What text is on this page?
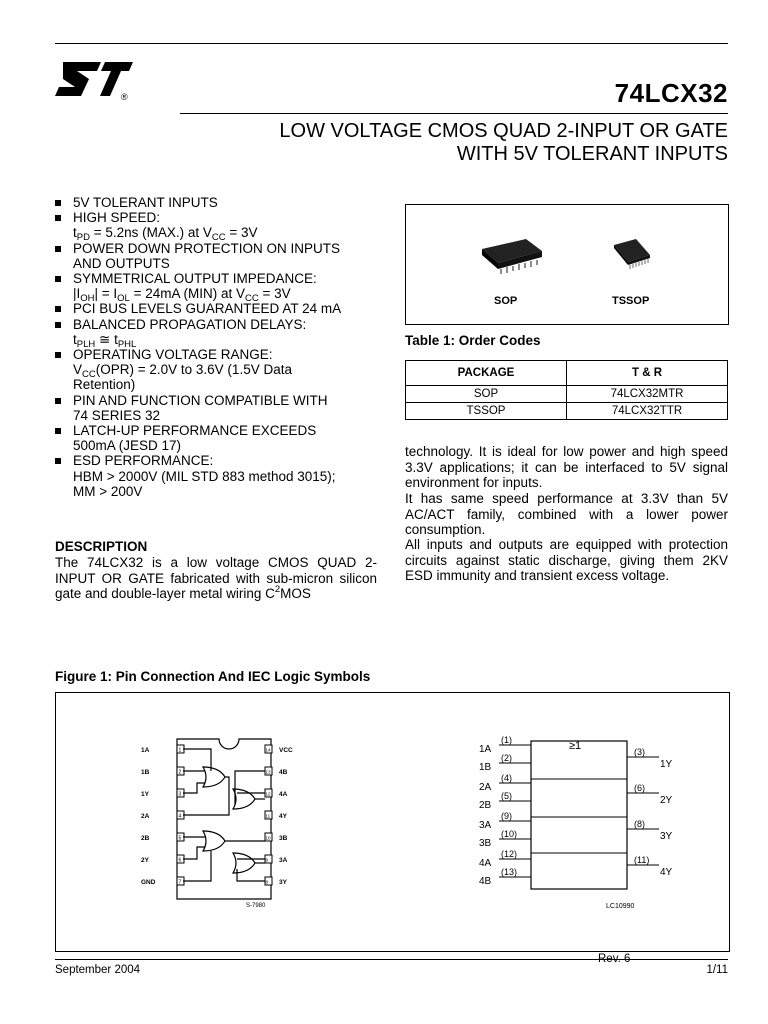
®	74LCX32
LOW VOLTAGE CMOS QUAD 2-INPUT OR GATE
WITH 5V TOLERANT INPUTS
5V TOLERANT INPUTS
HIGH SPEED:
$t_{PD} = 5.2ns$ (MAX.) at $V_{CC} = 3V$
POWER DOWN PROTECTION ON INPUTS
AND OUTPUTS
SYMMETRICAL OUTPUT IMPEDANCE:
$|I_{OH}| = I_{OL} = 24mA$ (MIN) at $V_{CC} = 3V$
PCI BUS LEVELS GUARANTEED AT 24 mA
BALANCED PROPAGATION DELAYS:
$t_{PLH}$ ≅ $t_{PHL}$
OPERATING VOLTAGE RANGE:
$V_{CC}(OPR) = 2.0V$ to 3.6V (1.5V Data
Retention)
PIN AND FUNCTION COMPATIBLE WITH
74 SERIES 32
LATCH-UP PERFORMANCE EXCEEDS
500mA (JESD 17)
ESD PERFORMANCE:
HBM > 2000V (MIL STD 883 method 3015);
MM > 200V
DESCRIPTION

The 74LCX32 is a low voltage CMOS QUAD 2-INPUT OR GATE fabricated with sub-micron silicon gate and double-layer metal wiring $C^2MOS$

technology. It is ideal for low power and high speed 3.3V applications; it can be interfaced to 5V signal environment for inputs.

It has same speed performance at 3.3V than 5V AC/ACT family, combined with a lower power consumption.

All inputs and outputs are equipped with protection circuits against static discharge, giving them 2KV ESD immunity and transient excess voltage.

SOP	TSSOP
Table 1: Order Codes
PACKAGE	T & R
SOP	74LCX32MTR
TSSOP	74LCX32TTR
Figure 1: Pin Connection And IEC Logic Symbols
1A	1
1B	2
1Y	3
2A	4
2B	5
2Y	6
GND	7
14 VCC
13 4B
12 4A
11 4Y
10 3B
9 3A
8 3Y
S-7980
1A
(1)
1B
(2)
2A
(4)
2B
(5)
3A
(9)
3B
(10)
4A
(12)
4B
(13)
(3)
1Y
(6)
2Y
(8)
3Y
(11)
4Y
≥1
LC10990
September 2004
Rev. 6
1/11
